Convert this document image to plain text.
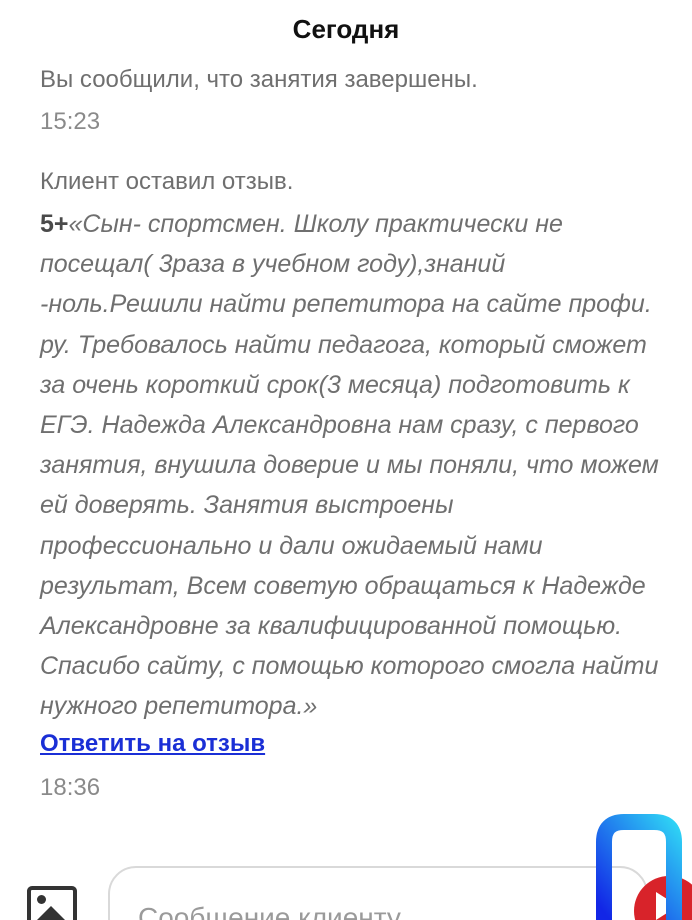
Сегодня
Вы сообщили, что занятия завершены.
15:23
Клиент оставил отзыв.
5+«Сын- спортсмен. Школу практически не посещал( 3раза в учебном году),знаний -ноль.Решили найти репетитора на сайте профи. ру. Требовалось найти педагога, который сможет за очень короткий срок(3 месяца) подготовить к ЕГЭ. Надежда Александровна нам сразу, с первого занятия, внушила доверие и мы поняли, что можем ей доверять. Занятия выстроены профессионально и дали ожидаемый нами результат, Всем советую обращаться к Надежде Александровне за квалифицированной помощью. Спасибо сайту, с помощью которого смогла найти нужного репетитора.»
Ответить на отзыв
18:36
Сообщение клиенту
